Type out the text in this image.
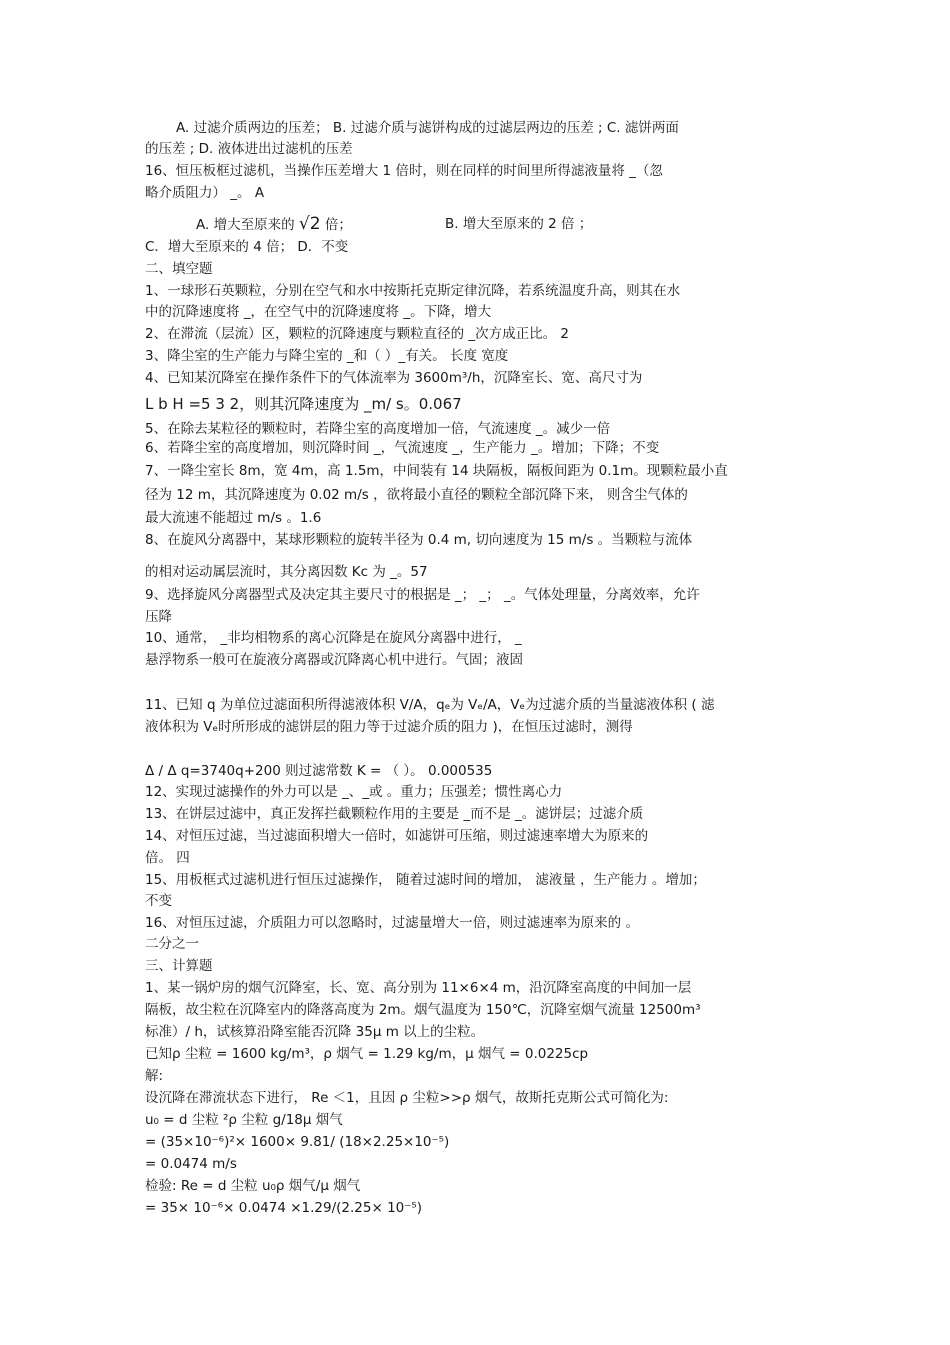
A. 过滤介质两边的压差； B. 过滤介质与滤饼构成的过滤层两边的压差 ; C. 滤饼两面
的压差 ; D. 液体进出过滤机的压差
16、恒压板框过滤机，当操作压差增大 1 倍时，则在同样的时间里所得滤液量将 _（忽
略介质阻力） _。 A
A. 增大至原来的 √2 倍；	B. 增大至原来的 2 倍 ；
C．增大至原来的 4 倍； D．不变
二、填空题
1、一球形石英颗粒，分别在空气和水中按斯托克斯定律沉降，若系统温度升高，则其在水
中的沉降速度将 _，在空气中的沉降速度将 _。下降，增大
2、在滞流（层流）区，颗粒的沉降速度与颗粒直径的 _次方成正比。 2
3、降尘室的生产能力与降尘室的 _和（ ）_有关。 长度 宽度
4、已知某沉降室在操作条件下的气体流率为 3600m³/h，沉降室长、宽、高尺寸为
L b H =5 3 2，则其沉降速度为 _m/ s。0.067
5、在除去某粒径的颗粒时，若降尘室的高度增加一倍，气流速度 _。减少一倍
6、若降尘室的高度增加，则沉降时间 _，气流速度 _，生产能力 _。增加；下降；不变
7、一降尘室长 8m，宽 4m，高 1.5m，中间装有 14 块隔板，隔板间距为 0.1m。现颗粒最小直
径为 12 m，其沉降速度为 0.02 m/s ，欲将最小直径的颗粒全部沉降下来， 则含尘气体的
最大流速不能超过 m/s 。1.6
8、在旋风分离器中，某球形颗粒的旋转半径为 0.4 m, 切向速度为 15 m/s 。当颗粒与流体
的相对运动属层流时，其分离因数 Kc 为 _。57
9、选择旋风分离器型式及决定其主要尺寸的根据是 _； _； _。气体处理量，分离效率，允许
压降
10、通常， _非均相物系的离心沉降是在旋风分离器中进行， _
悬浮物系一般可在旋液分离器或沉降离心机中进行。气固；液固
11、已知 q 为单位过滤面积所得滤液体积 V/A，qₑ为 Vₑ/A，Vₑ为过滤介质的当量滤液体积 ( 滤
液体积为 Vₑ时所形成的滤饼层的阻力等于过滤介质的阻力 )，在恒压过滤时，测得
Δ / Δ q=3740q+200 则过滤常数 K = （ ）。 0.000535
12、实现过滤操作的外力可以是 _、_或 。重力；压强差；惯性离心力
13、在饼层过滤中，真正发挥拦截颗粒作用的主要是 _而不是 _。滤饼层；过滤介质
14、对恒压过滤，当过滤面积增大一倍时，如滤饼可压缩，则过滤速率增大为原来的
倍。 四
15、用板框式过滤机进行恒压过滤操作， 随着过滤时间的增加， 滤液量 ，生产能力 。增加；
不变
16、对恒压过滤，介质阻力可以忽略时，过滤量增大一倍，则过滤速率为原来的 。
二分之一
三、计算题
1、某一锅炉房的烟气沉降室，长、宽、高分别为 11×6×4 m，沿沉降室高度的中间加一层
隔板，故尘粒在沉降室内的降落高度为 2m。烟气温度为 150℃，沉降室烟气流量 12500m³
标准）/ h，试核算沿降室能否沉降 35μ m 以上的尘粒。
已知ρ 尘粒 = 1600 kg/m³，ρ 烟气 = 1.29 kg/m，μ 烟气 = 0.0225cp
解:
设沉降在滞流状态下进行， Re ＜1，且因 ρ 尘粒>>ρ 烟气，故斯托克斯公式可简化为:
u₀ = d 尘粒 ²ρ 尘粒 g/18μ 烟气
= (35×10⁻⁶)²× 1600× 9.81/ (18×2.25×10⁻⁵)
= 0.0474 m/s
检验: Re = d 尘粒 u₀ρ 烟气/μ 烟气
= 35× 10⁻⁶× 0.0474 ×1.29/(2.25× 10⁻⁵)
